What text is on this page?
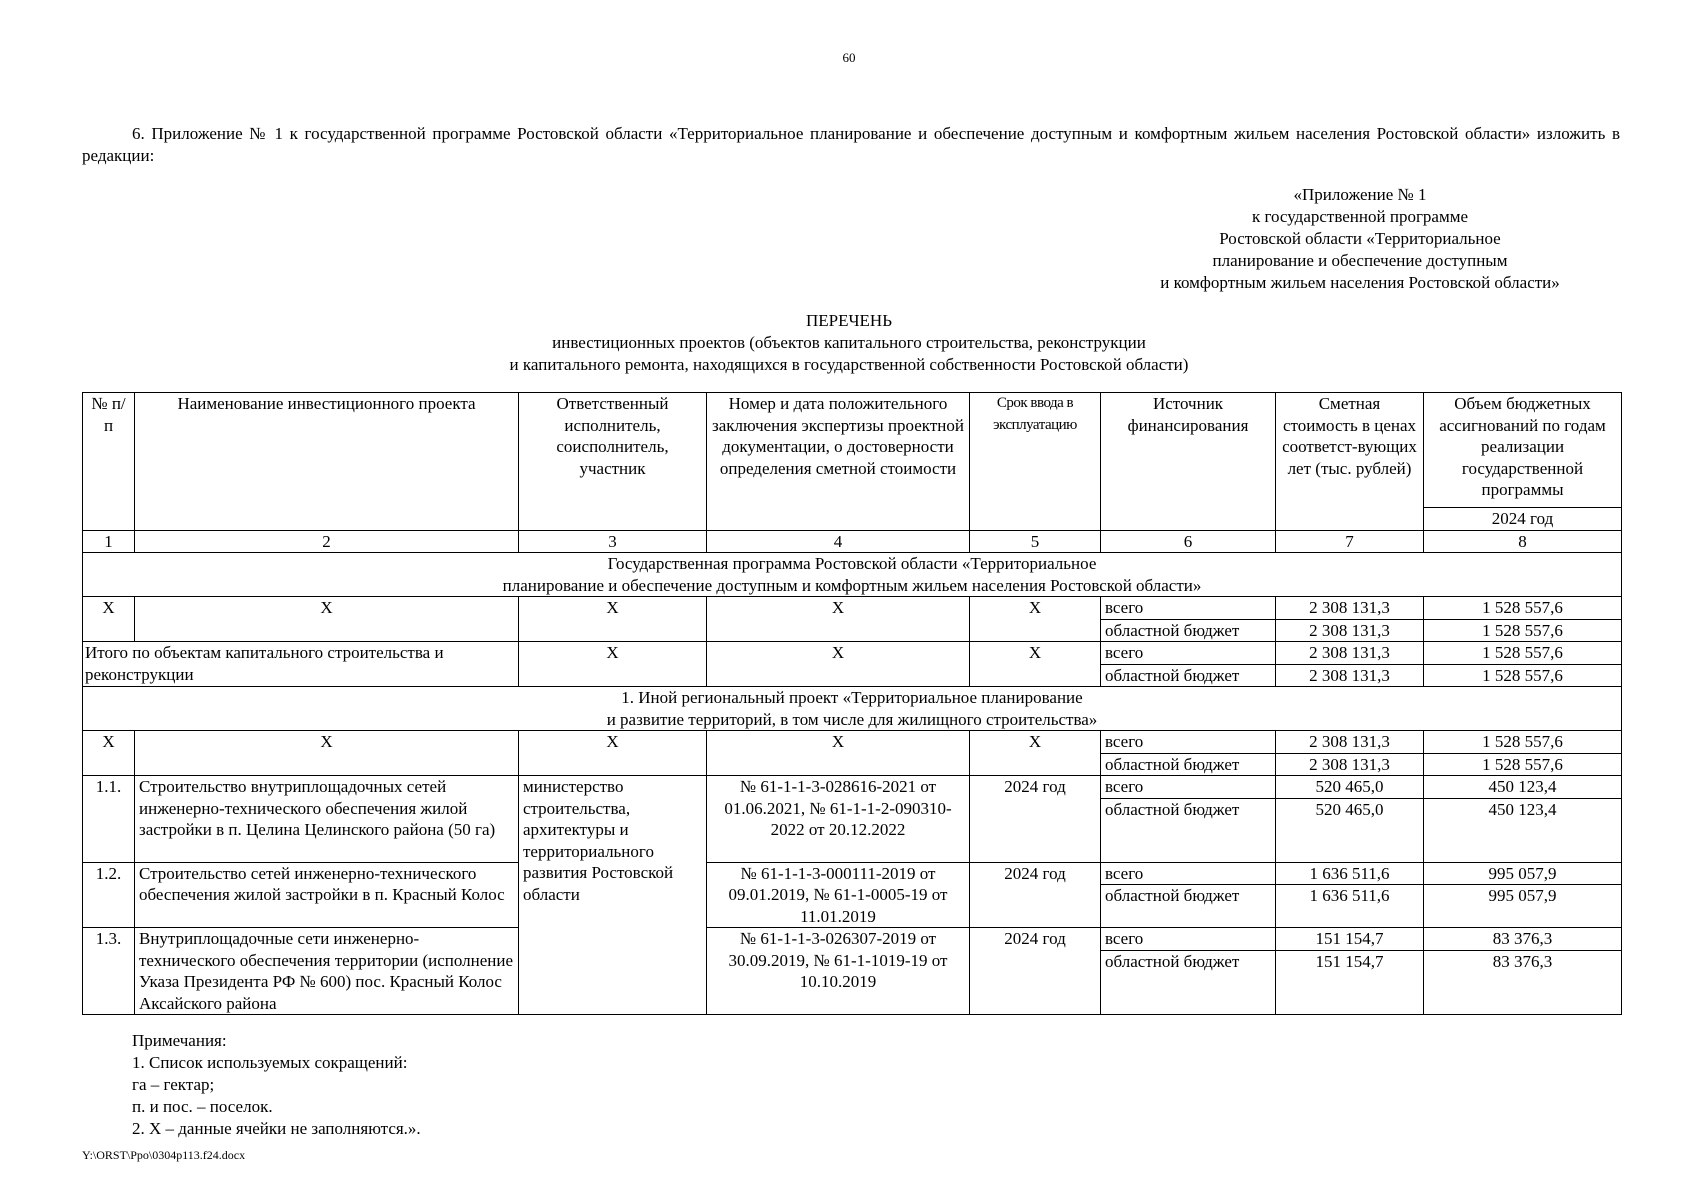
60
6. Приложение № 1 к государственной программе Ростовской области «Территориальное планирование и обеспечение доступным и комфортным жильем населения Ростовской области» изложить в редакции:
«Приложение № 1
к государственной программе
Ростовской области «Территориальное
планирование и обеспечение доступным
и комфортным жильем населения Ростовской области»
ПЕРЕЧЕНЬ
инвестиционных проектов (объектов капитального строительства, реконструкции
и капитального ремонта, находящихся в государственной собственности Ростовской области)
№ п/п	Наименование инвестиционного проекта	Ответственный исполнитель, соисполнитель, участник	Номер и дата положительного заключения экспертизы проектной документации, о достоверности определения сметной стоимости	Срок ввода в эксплуатацию	Источник финансирования	Сметная стоимость в ценах соответст-вующих лет (тыс. рублей)	Объем бюджетных ассигнований по годам реализации государственной программы
							2024 год
1	2	3	4	5	6	7	8

Государственная программа Ростовской области «Территориальное
планирование и обеспечение доступным и комфортным жильем населения Ростовской области»							

X	X	X	X	X	всего	2 308 131,3	1 528 557,6
					областной бюджет	2 308 131,3	1 528 557,6
Итого по объектам капитального строительства и реконструкции		X	X	X	всего	2 308 131,3	1 528 557,6
					областной бюджет	2 308 131,3	1 528 557,6

1. Иной региональный проект «Территориальное планирование
и развитие территорий, в том числе для жилищного строительства»							

X	X	X	X	X	всего	2 308 131,3	1 528 557,6
					областной бюджет	2 308 131,3	1 528 557,6
1.1.	Строительство внутриплощадочных сетей инженерно-технического обеспечения жилой застройки в п. Целина Целинского района (50 га)	министерство строительства, архитектуры и территориального развития Ростовской области	№ 61-1-1-3-028616-2021 от 01.06.2021, № 61-1-1-2-090310-2022 от 20.12.2022	2024 год	всего	520 465,0	450 123,4
					областной бюджет	520 465,0	450 123,4
1.2.	Строительство сетей инженерно-технического обеспечения жилой застройки в п. Красный Колос		№ 61-1-1-3-000111-2019 от 09.01.2019, № 61-1-0005-19 от 11.01.2019	2024 год	всего	1 636 511,6	995 057,9
					областной бюджет	1 636 511,6	995 057,9
1.3.	Внутриплощадочные сети инженерно-технического обеспечения территории (исполнение Указа Президента РФ № 600) пос. Красный Колос Аксайского района		№ 61-1-1-3-026307-2019 от 30.09.2019, № 61-1-1019-19 от 10.10.2019	2024 год	всего	151 154,7	83 376,3
					областной бюджет	151 154,7	83 376,3
Примечания:
1. Список используемых сокращений:
га – гектар;
п. и пос. – поселок.
2. X – данные ячейки не заполняются.».
Y:\ORST\Ppo\0304p113.f24.docx
